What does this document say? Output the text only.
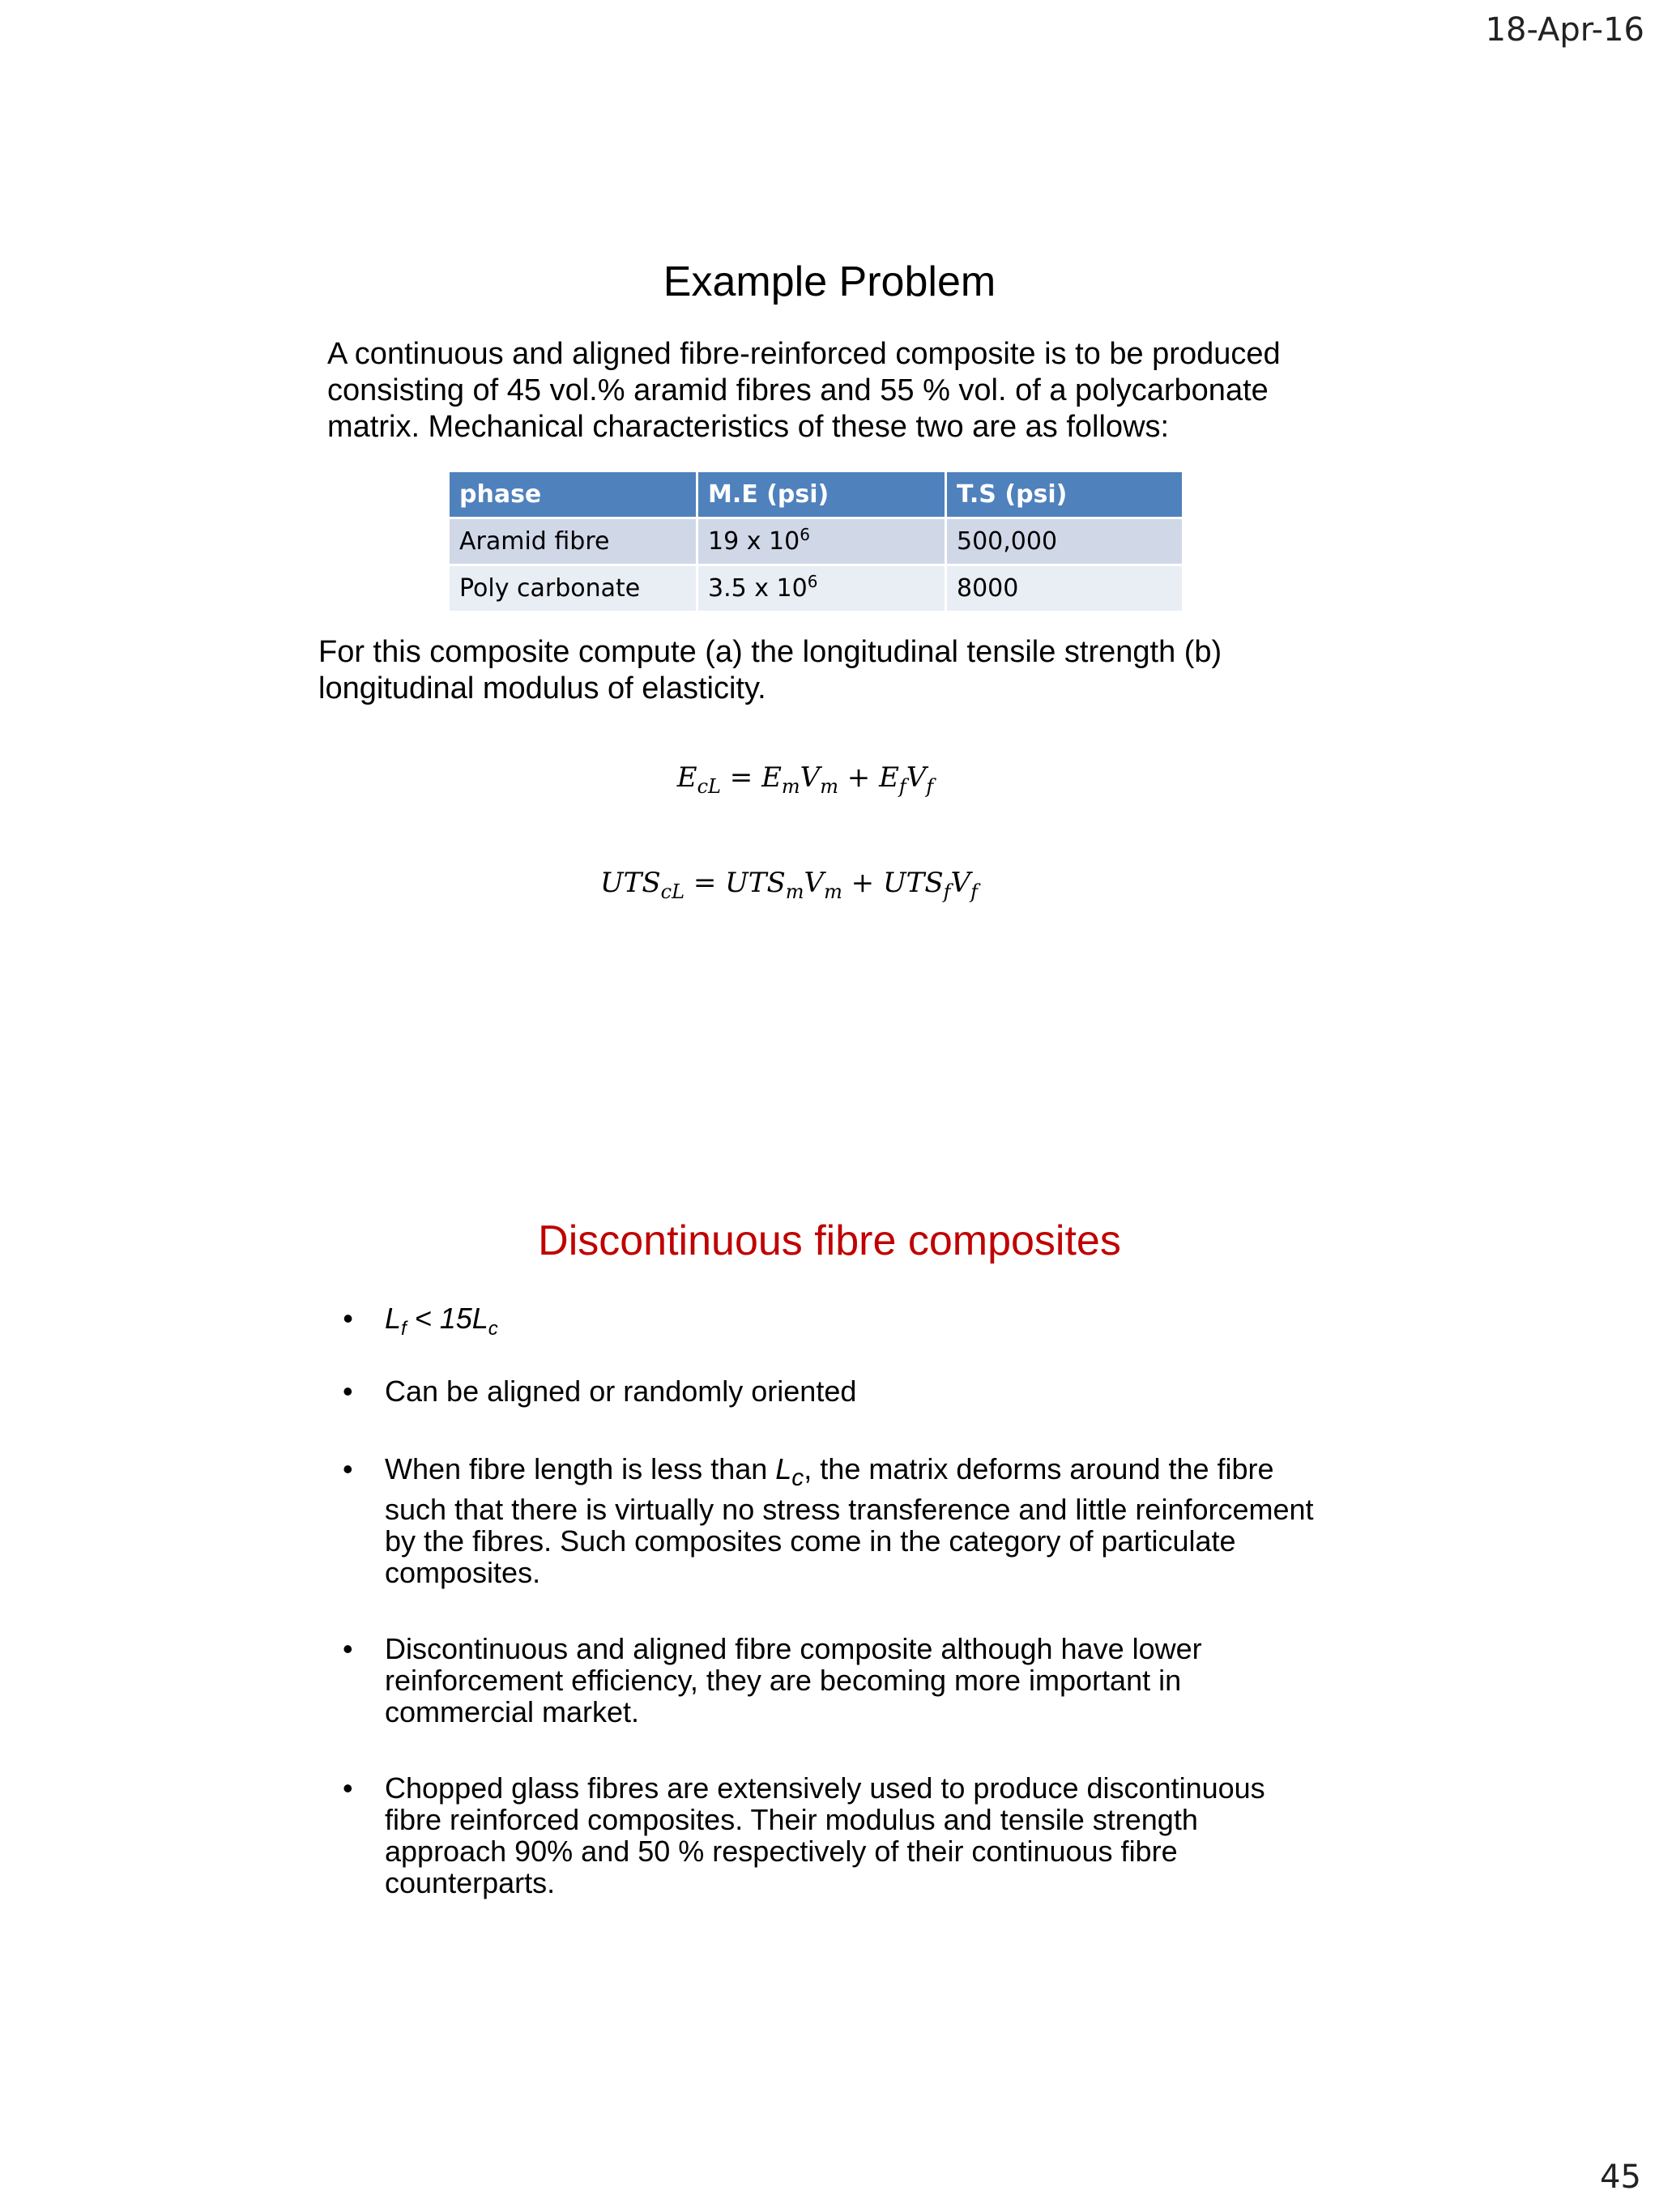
18-Apr-16
Example Problem
A continuous and aligned fibre-reinforced composite is to be produced consisting of 45 vol.% aramid fibres and 55 % vol. of a polycarbonate matrix. Mechanical characteristics of these two are as follows:
phase	M.E (psi)	T.S (psi)
Aramid fibre	19 x $10^6$	500,000
Poly carbonate	3.5 x $10^6$	8000
For this composite compute (a) the longitudinal tensile strength (b) longitudinal modulus of elasticity.
$E_{cL} = E_mV_m + E_fV_f$
$UTS_{cL} = UTS_mV_m + UTS_fV_f$
Discontinuous fibre composites
• $L_f < 15L_c$
• Can be aligned or randomly oriented
• When fibre length is less than $L_c$, the matrix deforms around the fibre such that there is virtually no stress transference and little reinforcement by the fibres. Such composites come in the category of particulate composites.
• Discontinuous and aligned fibre composite although have lower reinforcement efficiency, they are becoming more important in commercial market.
• Chopped glass fibres are extensively used to produce discontinuous fibre reinforced composites. Their modulus and tensile strength approach 90% and 50 % respectively of their continuous fibre counterparts.
45
